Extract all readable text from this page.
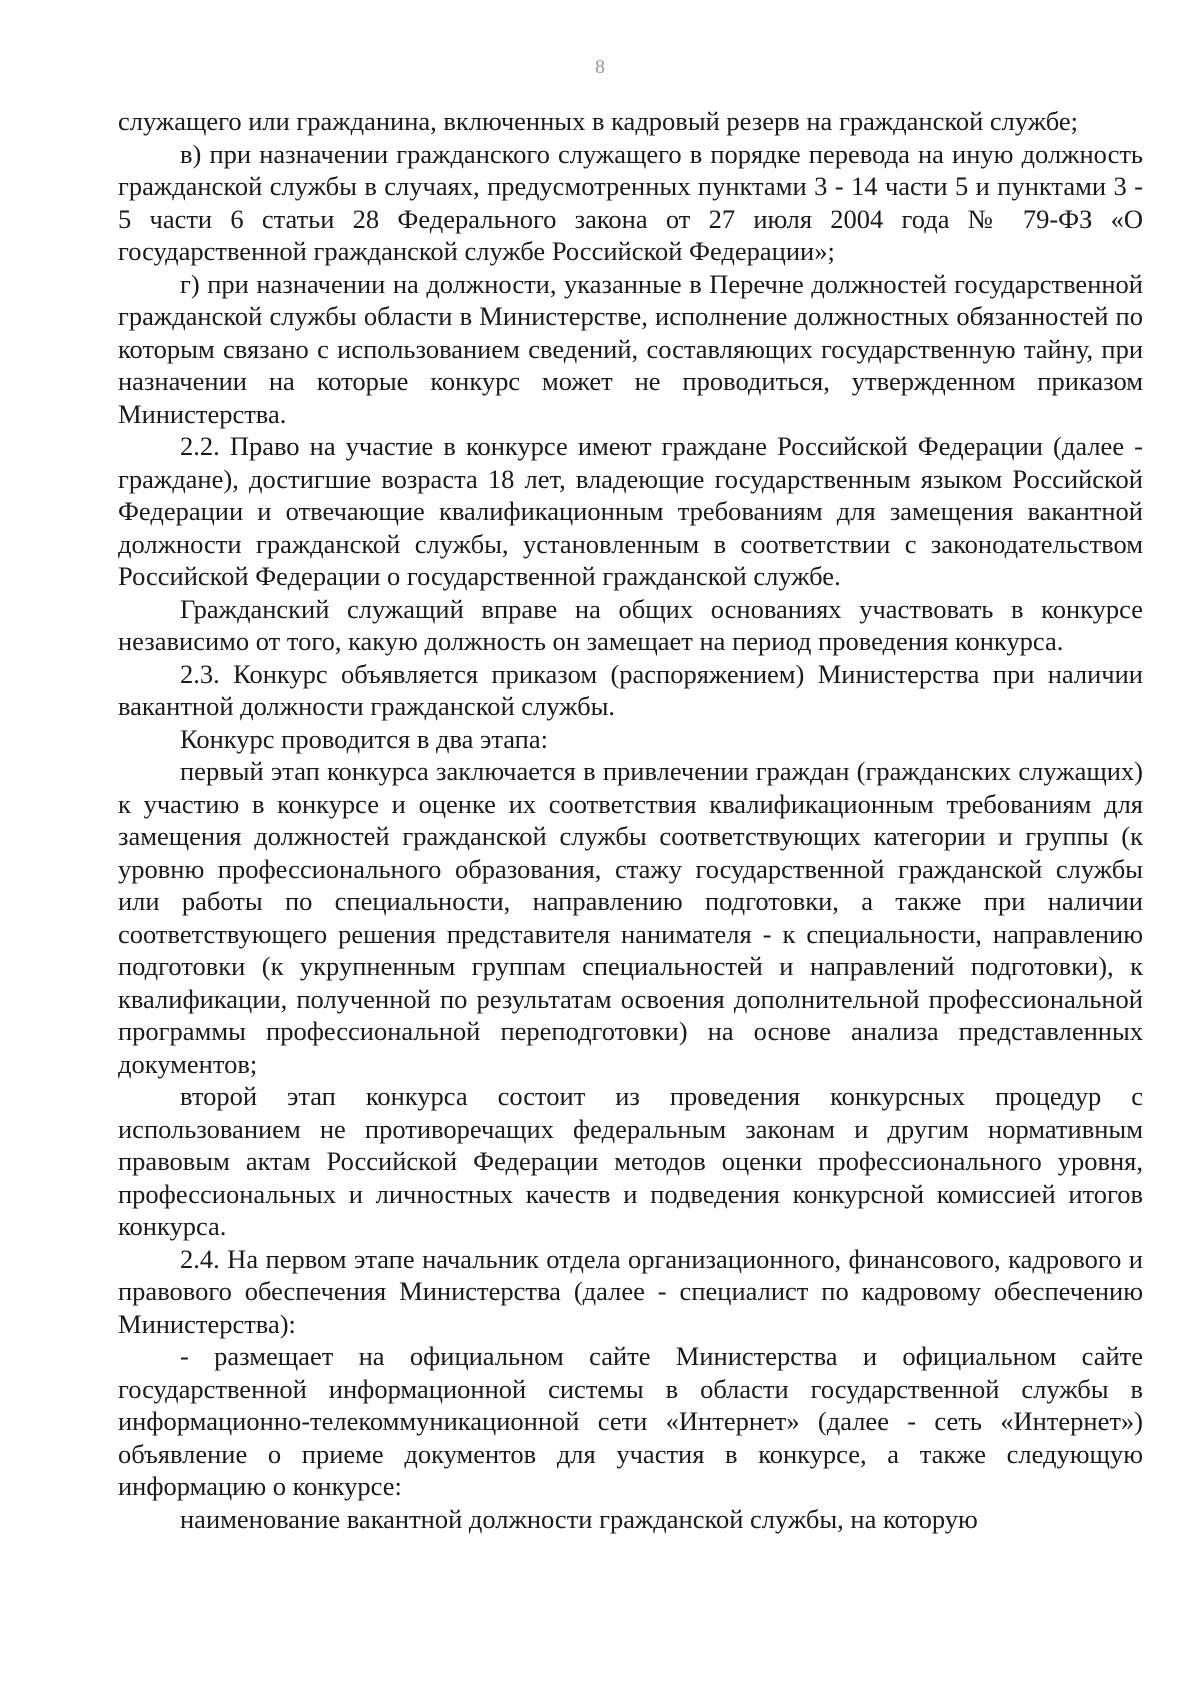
8

служащего или гражданина, включенных в кадровый резерв на гражданской службе;

в) при назначении гражданского служащего в порядке перевода на иную должность гражданской службы в случаях, предусмотренных пунктами 3 - 14 части 5 и пунктами 3 - 5 части 6 статьи 28 Федерального закона от 27 июля 2004 года № 79-ФЗ «О государственной гражданской службе Российской Федерации»;

г) при назначении на должности, указанные в Перечне должностей государственной гражданской службы области в Министерстве, исполнение должностных обязанностей по которым связано с использованием сведений, составляющих государственную тайну, при назначении на которые конкурс может не проводиться, утвержденном приказом Министерства.

2.2. Право на участие в конкурсе имеют граждане Российской Федерации (далее - граждане), достигшие возраста 18 лет, владеющие государственным языком Российской Федерации и отвечающие квалификационным требованиям для замещения вакантной должности гражданской службы, установленным в соответствии с законодательством Российской Федерации о государственной гражданской службе.

Гражданский служащий вправе на общих основаниях участвовать в конкурсе независимо от того, какую должность он замещает на период проведения конкурса.

2.3. Конкурс объявляется приказом (распоряжением) Министерства при наличии вакантной должности гражданской службы.

Конкурс проводится в два этапа:

первый этап конкурса заключается в привлечении граждан (гражданских служащих) к участию в конкурсе и оценке их соответствия квалификационным требованиям для замещения должностей гражданской службы соответствующих категории и группы (к уровню профессионального образования, стажу государственной гражданской службы или работы по специальности, направлению подготовки, а также при наличии соответствующего решения представителя нанимателя - к специальности, направлению подготовки (к укрупненным группам специальностей и направлений подготовки), к квалификации, полученной по результатам освоения дополнительной профессиональной программы профессиональной переподготовки) на основе анализа представленных документов;

второй этап конкурса состоит из проведения конкурсных процедур с использованием не противоречащих федеральным законам и другим нормативным правовым актам Российской Федерации методов оценки профессионального уровня, профессиональных и личностных качеств и подведения конкурсной комиссией итогов конкурса.

2.4. На первом этапе начальник отдела организационного, финансового, кадрового и правового обеспечения Министерства (далее - специалист по кадровому обеспечению Министерства):

- размещает на официальном сайте Министерства и официальном сайте государственной информационной системы в области государственной службы в информационно-телекоммуникационной сети «Интернет» (далее - сеть «Интернет») объявление о приеме документов для участия в конкурсе, а также следующую информацию о конкурсе:

наименование вакантной должности гражданской службы, на которую
